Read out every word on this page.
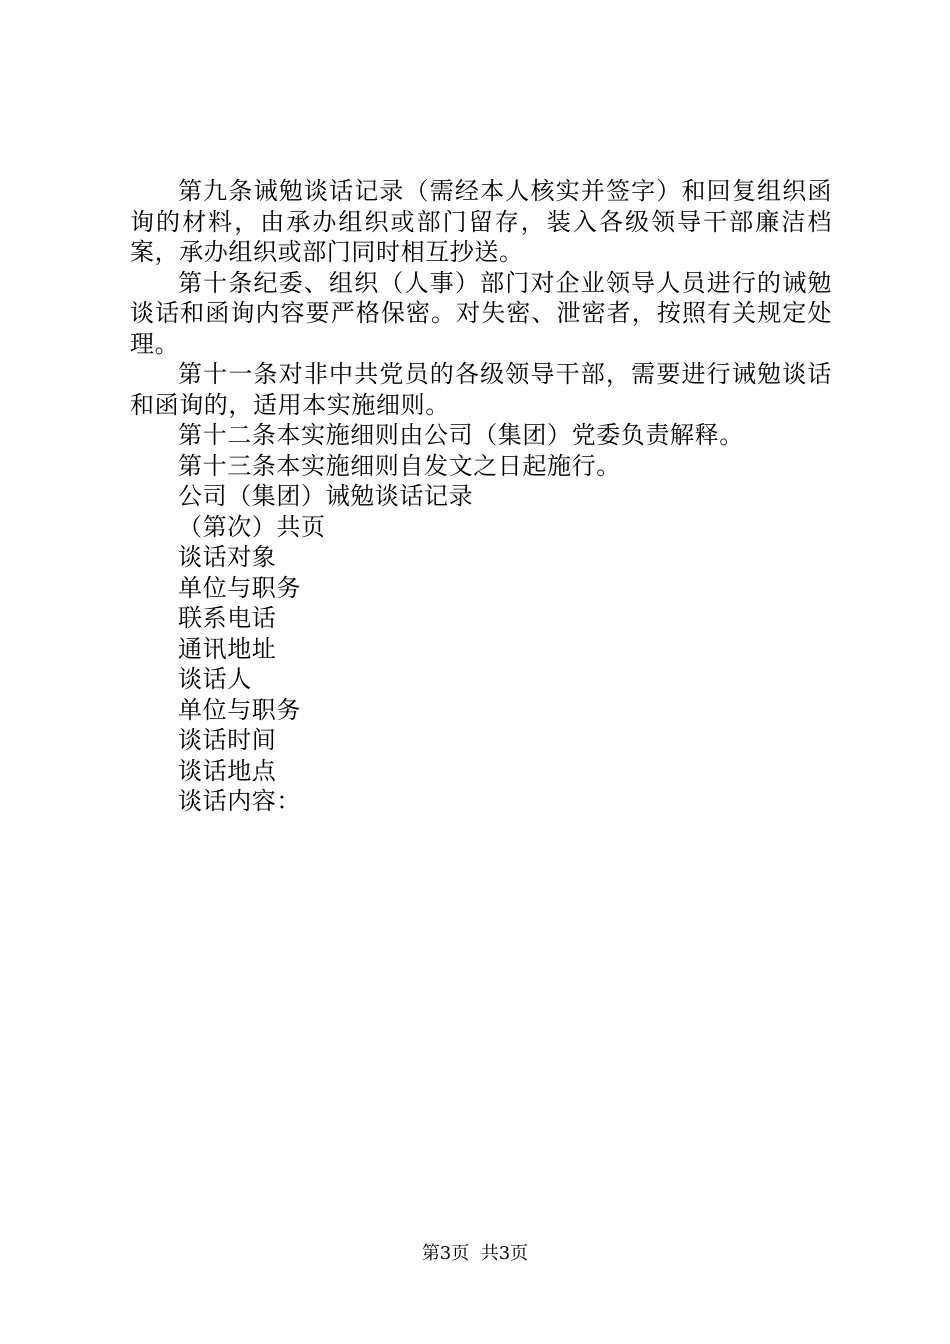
第九条诫勉谈话记录（需经本人核实并签字）和回复组织函询的材料，由承办组织或部门留存，装入各级领导干部廉洁档案，承办组织或部门同时相互抄送。

第十条纪委、组织（人事）部门对企业领导人员进行的诫勉谈话和函询内容要严格保密。对失密、泄密者，按照有关规定处理。

第十一条对非中共党员的各级领导干部，需要进行诫勉谈话和函询的，适用本实施细则。

第十二条本实施细则由公司（集团）党委负责解释。

第十三条本实施细则自发文之日起施行。

公司（集团）诫勉谈话记录

（第次）共页

谈话对象

单位与职务

联系电话

通讯地址

谈话人

单位与职务

谈话时间

谈话地点

谈话内容：

第3页  共3页
